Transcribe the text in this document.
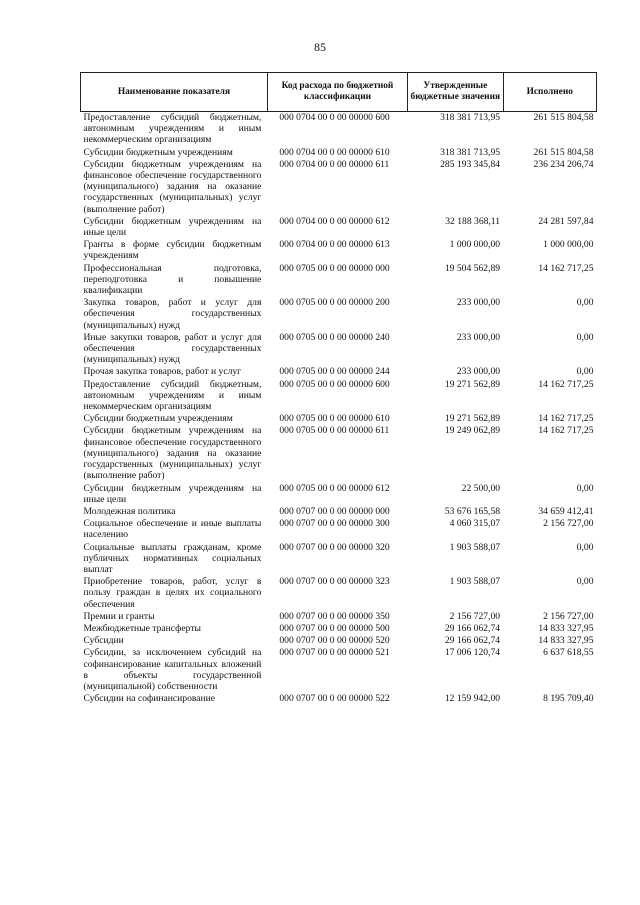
85
Наименование показателя	Код расхода по бюджетной классификации	Утвержденные бюджетные значения	Исполнено
Предоставление субсидий бюджетным, автономным учреждениям и иным некоммерческим организациям	000 0704 00 0 00 00000 600	318 381 713,95	261 515 804,58
Субсидии бюджетным учреждениям	000 0704 00 0 00 00000 610	318 381 713,95	261 515 804,58
Субсидии бюджетным учреждениям на финансовое обеспечение государственного (муниципального) задания на оказание государственных (муниципальных) услуг (выполнение работ)	000 0704 00 0 00 00000 611	285 193 345,84	236 234 206,74
Субсидии бюджетным учреждениям на иные цели	000 0704 00 0 00 00000 612	32 188 368,11	24 281 597,84
Гранты в форме субсидии бюджетным учреждениям	000 0704 00 0 00 00000 613	1 000 000,00	1 000 000,00
Профессиональная подготовка, переподготовка и повышение квалификации	000 0705 00 0 00 00000 000	19 504 562,89	14 162 717,25
Закупка товаров, работ и услуг для обеспечения государственных (муниципальных) нужд	000 0705 00 0 00 00000 200	233 000,00	0,00
Иные закупки товаров, работ и услуг для обеспечения государственных (муниципальных) нужд	000 0705 00 0 00 00000 240	233 000,00	0,00
Прочая закупка товаров, работ и услуг	000 0705 00 0 00 00000 244	233 000,00	0,00
Предоставление субсидий бюджетным, автономным учреждениям и иным некоммерческим организациям	000 0705 00 0 00 00000 600	19 271 562,89	14 162 717,25
Субсидии бюджетным учреждениям	000 0705 00 0 00 00000 610	19 271 562,89	14 162 717,25
Субсидии бюджетным учреждениям на финансовое обеспечение государственного (муниципального) задания на оказание государственных (муниципальных) услуг (выполнение работ)	000 0705 00 0 00 00000 611	19 249 062,89	14 162 717,25
Субсидии бюджетным учреждениям на иные цели	000 0705 00 0 00 00000 612	22 500,00	0,00
Молодежная политика	000 0707 00 0 00 00000 000	53 676 165,58	34 659 412,41
Социальное обеспечение и иные выплаты населению	000 0707 00 0 00 00000 300	4 060 315,07	2 156 727,00
Социальные выплаты гражданам, кроме публичных нормативных социальных выплат	000 0707 00 0 00 00000 320	1 903 588,07	0,00
Приобретение товаров, работ, услуг в пользу граждан в целях их социального обеспечения	000 0707 00 0 00 00000 323	1 903 588,07	0,00
Премии и гранты	000 0707 00 0 00 00000 350	2 156 727,00	2 156 727,00
Межбюджетные трансферты	000 0707 00 0 00 00000 500	29 166 062,74	14 833 327,95
Субсидии	000 0707 00 0 00 00000 520	29 166 062,74	14 833 327,95
Субсидии, за исключением субсидий на софинансирование капитальных вложений в объекты государственной (муниципальной) собственности	000 0707 00 0 00 00000 521	17 006 120,74	6 637 618,55
Субсидии на софинансирование	000 0707 00 0 00 00000 522	12 159 942,00	8 195 709,40
